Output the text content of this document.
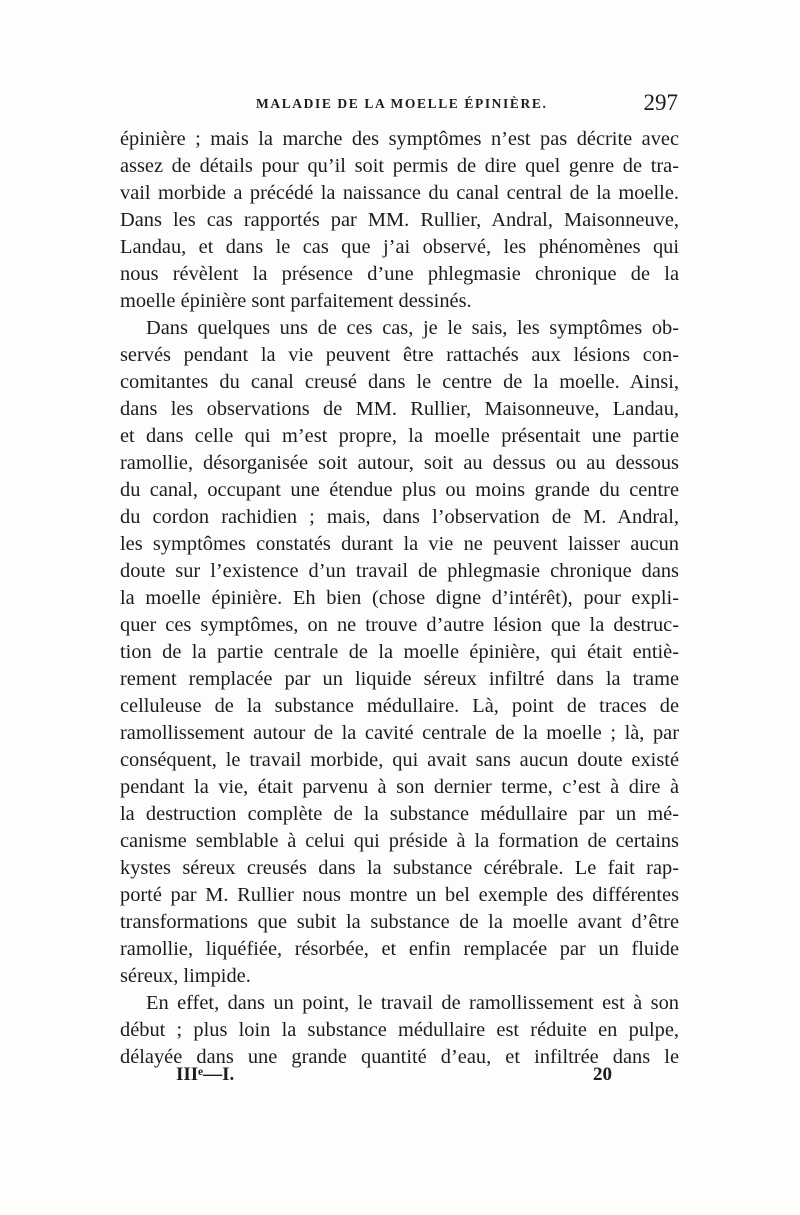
MALADIE DE LA MOELLE ÉPINIÈRE.	297
épinière ; mais la marche des symptômes n’est pas décrite avec
assez de détails pour qu’il soit permis de dire quel genre de tra-
vail morbide a précédé la naissance du canal central de la moelle.
Dans les cas rapportés par MM. Rullier, Andral, Maisonneuve,
Landau, et dans le cas que j’ai observé, les phénomènes qui
nous révèlent la présence d’une phlegmasie chronique de la
moelle épinière sont parfaitement dessinés.
Dans quelques uns de ces cas, je le sais, les symptômes ob-
servés pendant la vie peuvent être rattachés aux lésions con-
comitantes du canal creusé dans le centre de la moelle. Ainsi,
dans les observations de MM. Rullier, Maisonneuve, Landau,
et dans celle qui m’est propre, la moelle présentait une partie
ramollie, désorganisée soit autour, soit au dessus ou au dessous
du canal, occupant une étendue plus ou moins grande du centre
du cordon rachidien ; mais, dans l’observation de M. Andral,
les symptômes constatés durant la vie ne peuvent laisser aucun
doute sur l’existence d’un travail de phlegmasie chronique dans
la moelle épinière. Eh bien (chose digne d’intérêt), pour expli-
quer ces symptômes, on ne trouve d’autre lésion que la destruc-
tion de la partie centrale de la moelle épinière, qui était entiè-
rement remplacée par un liquide séreux infiltré dans la trame
celluleuse de la substance médullaire. Là, point de traces de
ramollissement autour de la cavité centrale de la moelle ; là, par
conséquent, le travail morbide, qui avait sans aucun doute existé
pendant la vie, était parvenu à son dernier terme, c’est à dire à
la destruction complète de la substance médullaire par un mé-
canisme semblable à celui qui préside à la formation de certains
kystes séreux creusés dans la substance cérébrale. Le fait rap-
porté par M. Rullier nous montre un bel exemple des différentes
transformations que subit la substance de la moelle avant d’être
ramollie, liquéfiée, résorbée, et enfin remplacée par un fluide
séreux, limpide.
En effet, dans un point, le travail de ramollissement est à son
début ; plus loin la substance médullaire est réduite en pulpe,
délayée dans une grande quantité d’eau, et infiltrée dans le
IIIᵉ—I.	20
